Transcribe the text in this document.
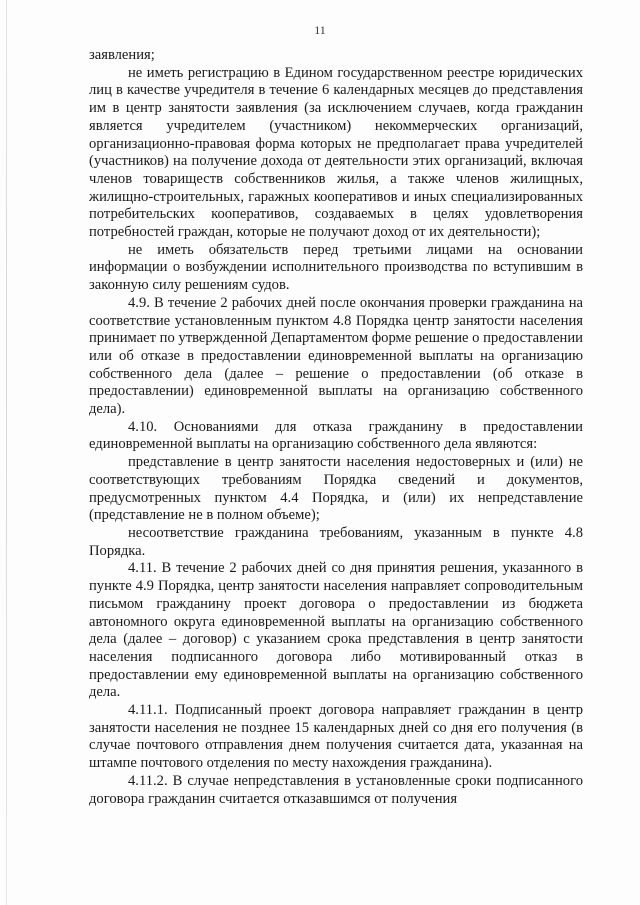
11

заявления;

не иметь регистрацию в Едином государственном реестре юридических лиц в качестве учредителя в течение 6 календарных месяцев до представления им в центр занятости заявления (за исключением случаев, когда гражданин является учредителем (участником) некоммерческих организаций, организационно-правовая форма которых не предполагает права учредителей (участников) на получение дохода от деятельности этих организаций, включая членов товариществ собственников жилья, а также членов жилищных, жилищно-строительных, гаражных кооперативов и иных специализированных потребительских кооперативов, создаваемых в целях удовлетворения потребностей граждан, которые не получают доход от их деятельности);

не иметь обязательств перед третьими лицами на основании информации о возбуждении исполнительного производства по вступившим в законную силу решениям судов.

4.9. В течение 2 рабочих дней после окончания проверки гражданина на соответствие установленным пунктом 4.8 Порядка центр занятости населения принимает по утвержденной Департаментом форме решение о предоставлении или об отказе в предоставлении единовременной выплаты на организацию собственного дела (далее – решение о предоставлении (об отказе в предоставлении) единовременной выплаты на организацию собственного дела).

4.10. Основаниями для отказа гражданину в предоставлении единовременной выплаты на организацию собственного дела являются:

представление в центр занятости населения недостоверных и (или) не соответствующих требованиям Порядка сведений и документов, предусмотренных пунктом 4.4 Порядка, и (или) их непредставление (представление не в полном объеме);

несоответствие гражданина требованиям, указанным в пункте 4.8 Порядка.

4.11. В течение 2 рабочих дней со дня принятия решения, указанного в пункте 4.9 Порядка, центр занятости населения направляет сопроводительным письмом гражданину проект договора о предоставлении из бюджета автономного округа единовременной выплаты на организацию собственного дела (далее – договор) с указанием срока представления в центр занятости населения подписанного договора либо мотивированный отказ в предоставлении ему единовременной выплаты на организацию собственного дела.

4.11.1. Подписанный проект договора направляет гражданин в центр занятости населения не позднее 15 календарных дней со дня его получения (в случае почтового отправления днем получения считается дата, указанная на штампе почтового отделения по месту нахождения гражданина).

4.11.2. В случае непредставления в установленные сроки подписанного договора гражданин считается отказавшимся от получения
